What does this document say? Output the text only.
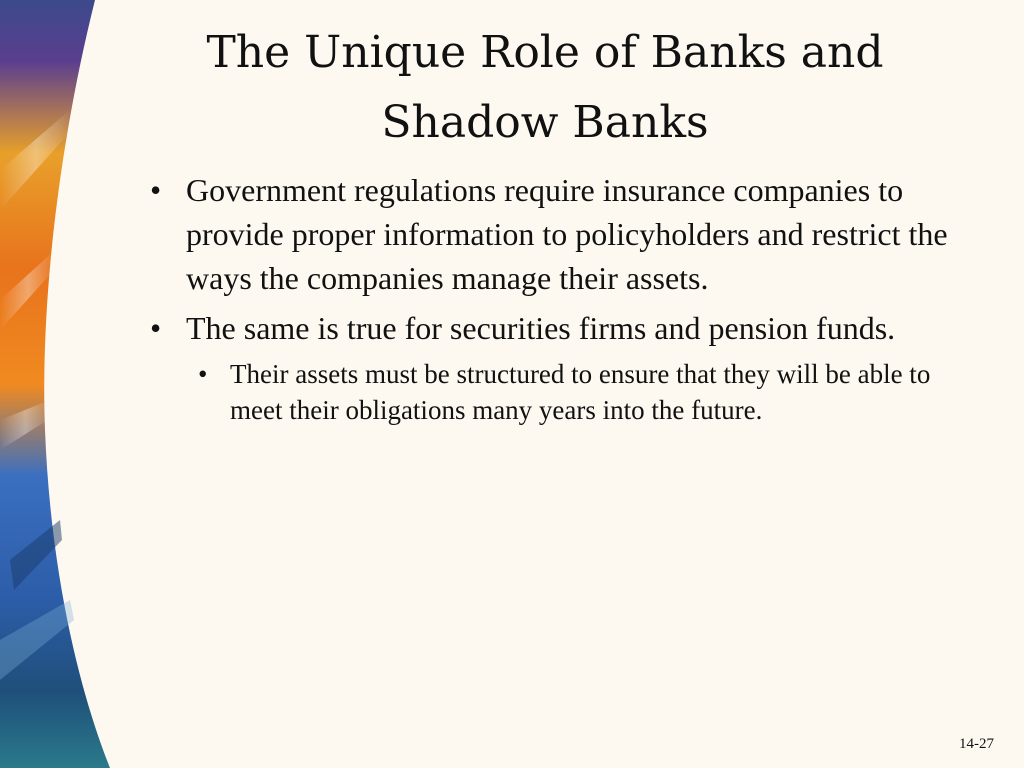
The Unique Role of Banks and Shadow Banks

• Government regulations require insurance companies to provide proper information to policyholders and restrict the ways the companies manage their assets.

• The same is true for securities firms and pension funds.

• Their assets must be structured to ensure that they will be able to meet their obligations many years into the future.

14-27
